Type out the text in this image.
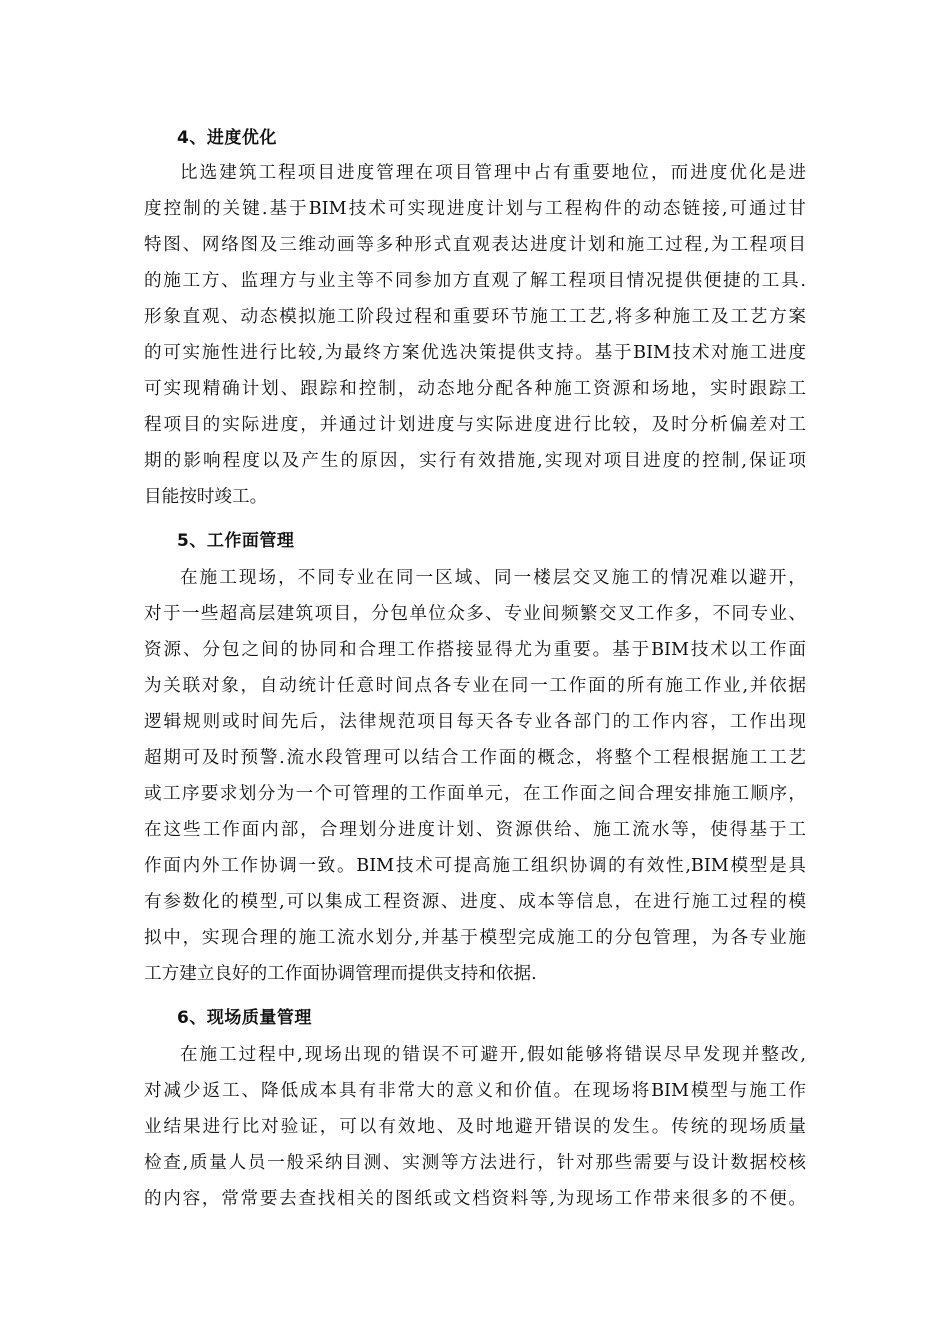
4、进度优化
比选建筑工程项目进度管理在项目管理中占有重要地位，而进度优化是进
度控制的关键.基于BIM技术可实现进度计划与工程构件的动态链接,可通过甘
特图、网络图及三维动画等多种形式直观表达进度计划和施工过程,为工程项目
的施工方、监理方与业主等不同参加方直观了解工程项目情况提供便捷的工具.
形象直观、动态模拟施工阶段过程和重要环节施工工艺,将多种施工及工艺方案
的可实施性进行比较,为最终方案优选决策提供支持。基于BIM技术对施工进度
可实现精确计划、跟踪和控制，动态地分配各种施工资源和场地，实时跟踪工
程项目的实际进度，并通过计划进度与实际进度进行比较，及时分析偏差对工
期的影响程度以及产生的原因，实行有效措施,实现对项目进度的控制,保证项
目能按时竣工。
5、工作面管理
在施工现场，不同专业在同一区域、同一楼层交叉施工的情况难以避开，
对于一些超高层建筑项目，分包单位众多、专业间频繁交叉工作多，不同专业、
资源、分包之间的协同和合理工作搭接显得尤为重要。基于BIM技术以工作面
为关联对象，自动统计任意时间点各专业在同一工作面的所有施工作业,并依据
逻辑规则或时间先后，法律规范项目每天各专业各部门的工作内容，工作出现
超期可及时预警.流水段管理可以结合工作面的概念，将整个工程根据施工工艺
或工序要求划分为一个可管理的工作面单元，在工作面之间合理安排施工顺序，
在这些工作面内部，合理划分进度计划、资源供给、施工流水等，使得基于工
作面内外工作协调一致。BIM技术可提高施工组织协调的有效性,BIM模型是具
有参数化的模型,可以集成工程资源、进度、成本等信息，在进行施工过程的模
拟中，实现合理的施工流水划分,并基于模型完成施工的分包管理，为各专业施
工方建立良好的工作面协调管理而提供支持和依据.
6、现场质量管理
在施工过程中,现场出现的错误不可避开,假如能够将错误尽早发现并整改,
对减少返工、降低成本具有非常大的意义和价值。在现场将BIM模型与施工作
业结果进行比对验证，可以有效地、及时地避开错误的发生。传统的现场质量
检查,质量人员一般采纳目测、实测等方法进行，针对那些需要与设计数据校核
的内容，常常要去查找相关的图纸或文档资料等,为现场工作带来很多的不便。
